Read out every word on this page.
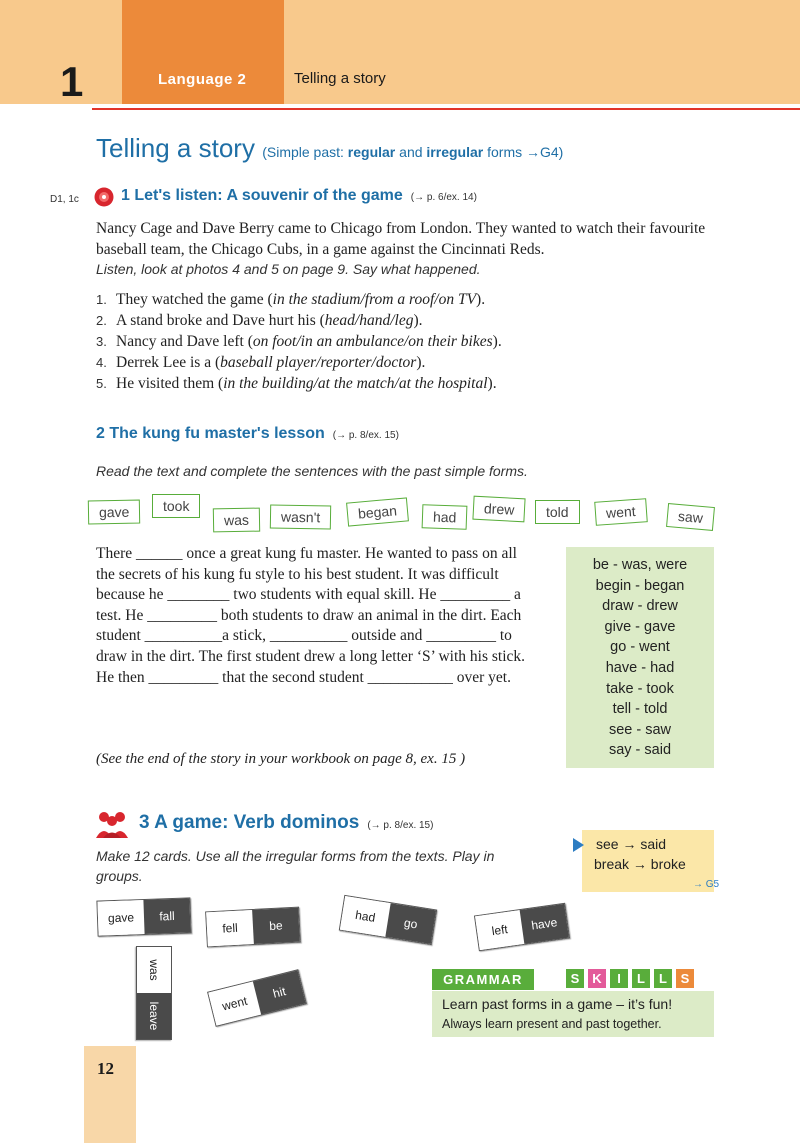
1	Language 2	Telling a story
Telling a story (Simple past: regular and irregular forms →G4)
D1, 1c	1 Let's listen: A souvenir of the game (→ p. 6/ex. 14)
Nancy Cage and Dave Berry came to Chicago from London. They wanted to watch their favourite baseball team, the Chicago Cubs, in a game against the Cincinnati Reds.
Listen, look at photos 4 and 5 on page 9. Say what happened.
1. They watched the game (in the stadium/from a roof/on TV).
2. A stand broke and Dave hurt his (head/hand/leg).
3. Nancy and Dave left (on foot/in an ambulance/on their bikes).
4. Derrek Lee is a (baseball player/reporter/doctor).
5. He visited them (in the building/at the match/at the hospital).
2 The kung fu master's lesson (→ p. 8/ex. 15)
Read the text and complete the sentences with the past simple forms.
gave	took
was	wasn't	began	had	drew	told	went	saw
There ______ once a great kung fu master. He wanted to pass on all the secrets of his kung fu style to his best student. It was difficult because he ________ two students with equal skill. He _________ a test. He _________ both students to draw an animal in the dirt. Each student __________a stick, __________ outside and _________ to draw in the dirt. The first student drew a long letter ‘S’ with his stick. He then _________ that the second student ___________ over yet.
(See the end of the story in your workbook on page 8, ex. 15 )
be - was, were
begin - began
draw - drew
give - gave
go - went
have - had
take - took
tell - told
see - saw
say - said
3 A game: Verb dominos (→ p. 8/ex. 15)
Make 12 cards. Use all the irregular forms from the texts. Play in groups.
see → said
break → broke
→ G5
gave	fall
fell	be
had	go	left	have
was
leave	went
hit
GRAMMAR	S K	I	L	L	S
Learn past forms in a game – it’s fun!
Always learn present and past together.
12
